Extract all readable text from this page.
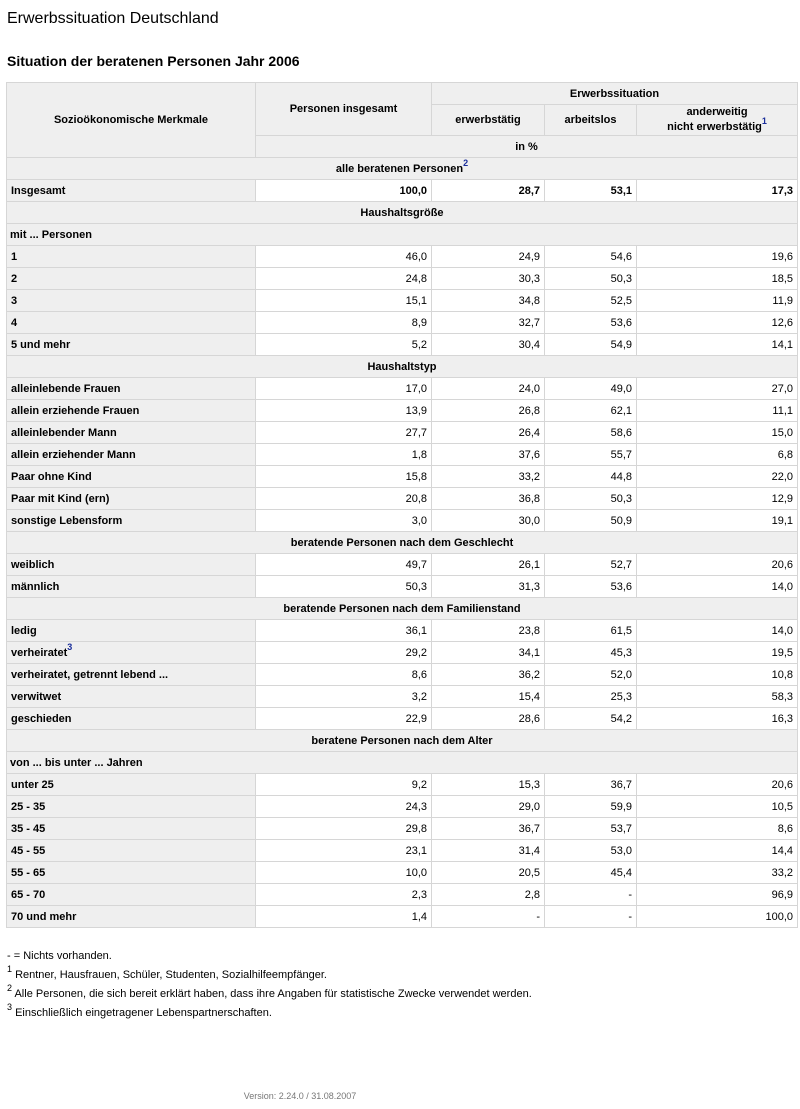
Erwerbssituation Deutschland
Situation der beratenen Personen Jahr 2006
Sozioökonomische Merkmale	Personen insgesamt	Erwerbssituation		
		erwerbstätig	arbeitslos	anderweitig
nicht erwerbstätig$^1$
	in %			
alle beratenen Personen$^2$
Insgesamt	100,0	28,7	53,1	17,3
Haushaltsgröße				
mit ... Personen				
1	46,0	24,9	54,6	19,6
2	24,8	30,3	50,3	18,5
3	15,1	34,8	52,5	11,9
4	8,9	32,7	53,6	12,6
5 und mehr	5,2	30,4	54,9	14,1
Haushaltstyp				
alleinlebende Frauen	17,0	24,0	49,0	27,0
allein erziehende Frauen	13,9	26,8	62,1	11,1
alleinlebender Mann	27,7	26,4	58,6	15,0
allein erziehender Mann	1,8	37,6	55,7	6,8
Paar ohne Kind	15,8	33,2	44,8	22,0
Paar mit Kind (ern)	20,8	36,8	50,3	12,9
sonstige Lebensform	3,0	30,0	50,9	19,1
beratende Personen nach dem Geschlecht				
weiblich	49,7	26,1	52,7	20,6
männlich	50,3	31,3	53,6	14,0
beratende Personen nach dem Familienstand				
ledig	36,1	23,8	61,5	14,0
verheiratet$^3$	29,2	34,1	45,3	19,5
verheiratet, getrennt lebend ...	8,6	36,2	52,0	10,8
verwitwet	3,2	15,4	25,3	58,3
geschieden	22,9	28,6	54,2	16,3
beratene Personen nach dem Alter				
von ... bis unter ... Jahren				
unter 25	9,2	15,3	36,7	20,6
25 - 35	24,3	29,0	59,9	10,5
35 - 45	29,8	36,7	53,7	8,6
45 - 55	23,1	31,4	53,0	14,4
55 - 65	10,0	20,5	45,4	33,2
65 - 70	2,3	2,8	-	96,9
70 und mehr	1,4	-	-	100,0
- = Nichts vorhanden.
$^1$ Rentner, Hausfrauen, Schüler, Studenten, Sozialhilfeempfänger.
$^2$ Alle Personen, die sich bereit erklärt haben, dass ihre Angaben für statistische Zwecke verwendet werden.
$^3$ Einschließlich eingetragener Lebenspartnerschaften.
Version: 2.24.0 / 31.08.2007
